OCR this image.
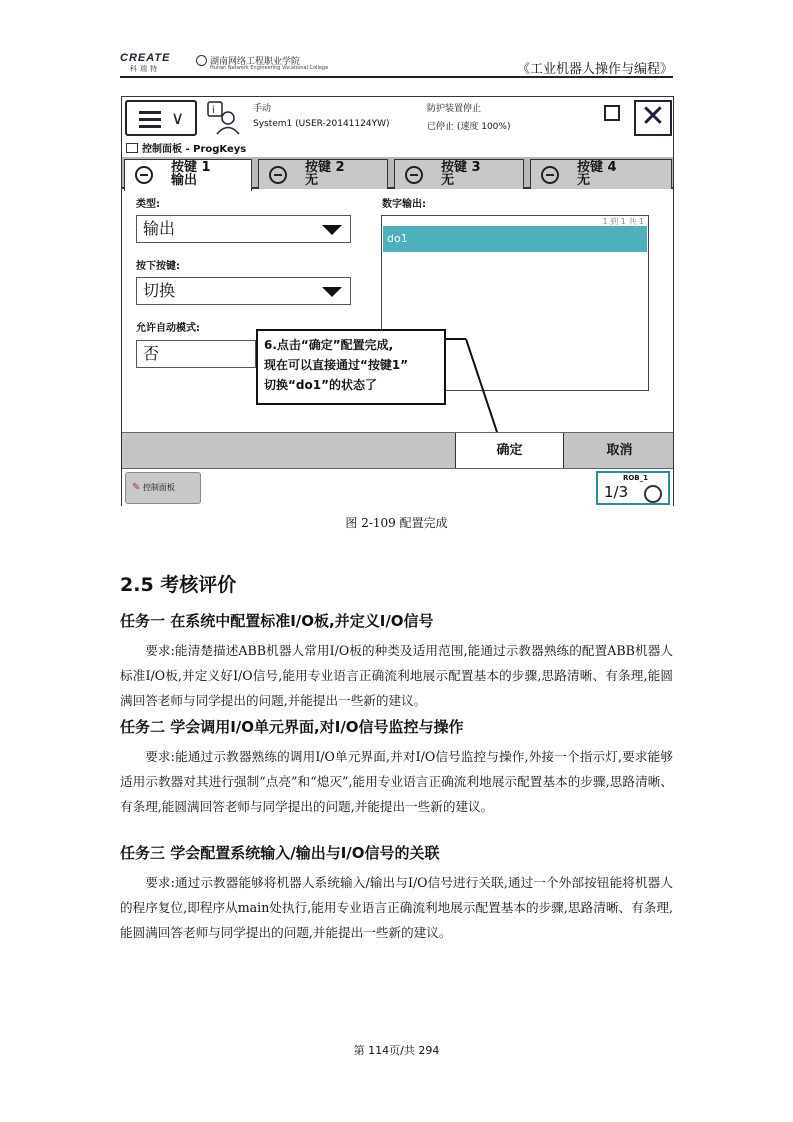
CREATE
科瑞特
湖南网络工程职业学院
Hunan Network Engineering Vocational College	《工业机器人操作与编程》
∨	i	手动
System1 (USER-20141124YW)
防护装置停止
已停止 (速度 100%)	✕
控制面板 - ProgKeys
按键 1
输出
按键 2
无
按键 3
无
按键 4
无
类型:
输出
按下按键:
切换
允许自动模式:
否
数字输出:
1 到 1 共 1
do1
6.点击“确定”配置完成,
现在可以直接通过“按键1”
切换“do1”的状态了
确定	取消
✎ 控制面板
ROB_1
1/3
图 2-109 配置完成
2.5 考核评价
任务一 在系统中配置标准I/O板,并定义I/O信号
要求:能清楚描述ABB机器人常用I/O板的种类及适用范围,能通过示教器熟练的配置ABB机器人标准I/O板,并定义好I/O信号,能用专业语言正确流利地展示配置基本的步骤,思路清晰、有条理,能圆满回答老师与同学提出的问题,并能提出一些新的建议。
任务二 学会调用I/O单元界面,对I/O信号监控与操作
要求:能通过示教器熟练的调用I/O单元界面,并对I/O信号监控与操作,外接一个指示灯,要求能够适用示教器对其进行强制“点亮”和“熄灭”,能用专业语言正确流利地展示配置基本的步骤,思路清晰、有条理,能圆满回答老师与同学提出的问题,并能提出一些新的建议。
任务三 学会配置系统输入/输出与I/O信号的关联
要求:通过示教器能够将机器人系统输入/输出与I/O信号进行关联,通过一个外部按钮能将机器人的程序复位,即程序从main处执行,能用专业语言正确流利地展示配置基本的步骤,思路清晰、有条理,能圆满回答老师与同学提出的问题,并能提出一些新的建议。
第 114页/共 294
